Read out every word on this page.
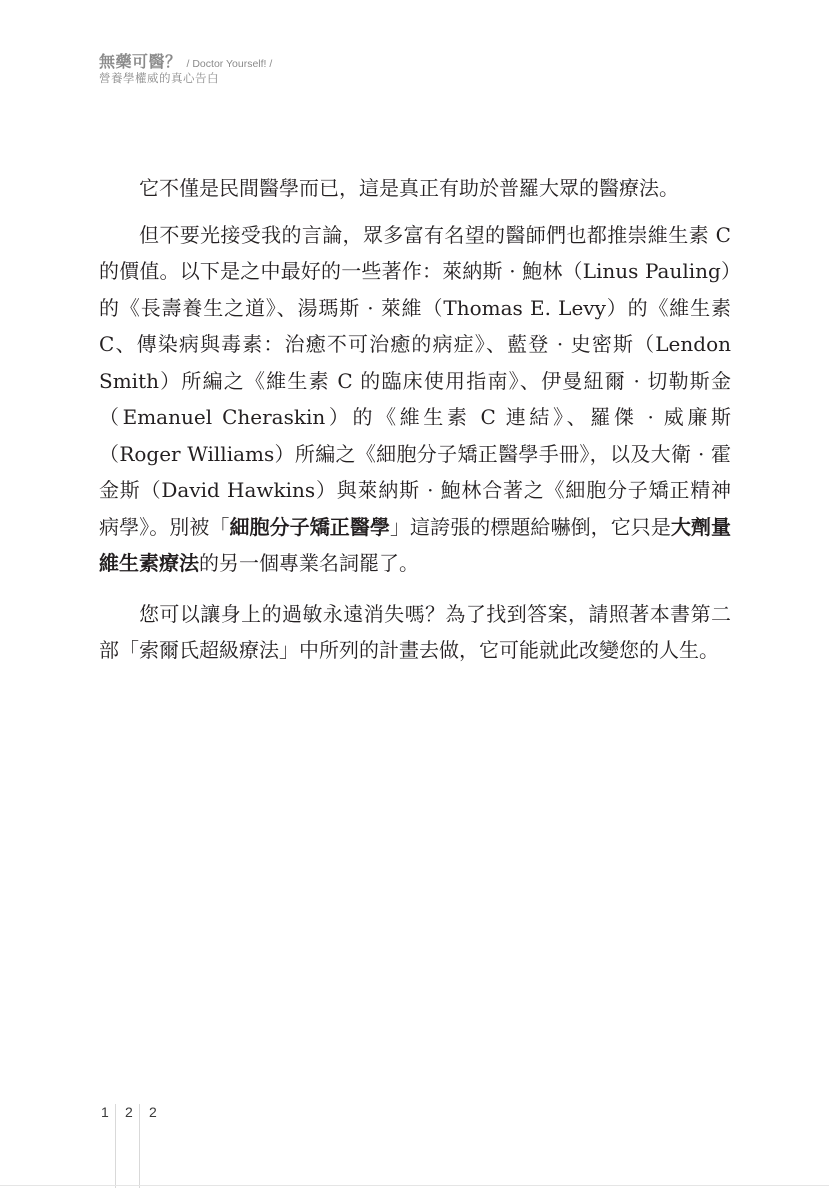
無藥可醫？ / Doctor Yourself! /
營養學權威的真心告白

它不僅是民間醫學而已，這是真正有助於普羅大眾的醫療法。

但不要光接受我的言論，眾多富有名望的醫師們也都推崇維生素 C 的價值。以下是之中最好的一些著作：萊納斯 · 鮑林（Linus Pauling）的《長壽養生之道》、湯瑪斯 · 萊維（Thomas E. Levy）的《維生素 C、傳染病與毒素：治癒不可治癒的病症》、藍登 · 史密斯（Lendon Smith）所編之《維生素 C 的臨床使用指南》、伊曼紐爾 · 切勒斯金（Emanuel Cheraskin）的《維生素 C 連結》、羅傑 · 威廉斯（Roger Williams）所編之《細胞分子矯正醫學手冊》，以及大衛 · 霍金斯（David Hawkins）與萊納斯 · 鮑林合著之《細胞分子矯正精神病學》。別被「細胞分子矯正醫學」這誇張的標題給嚇倒，它只是大劑量維生素療法的另一個專業名詞罷了。

您可以讓身上的過敏永遠消失嗎？為了找到答案，請照著本書第二部「索爾氏超級療法」中所列的計畫去做，它可能就此改變您的人生。

1	2	2
